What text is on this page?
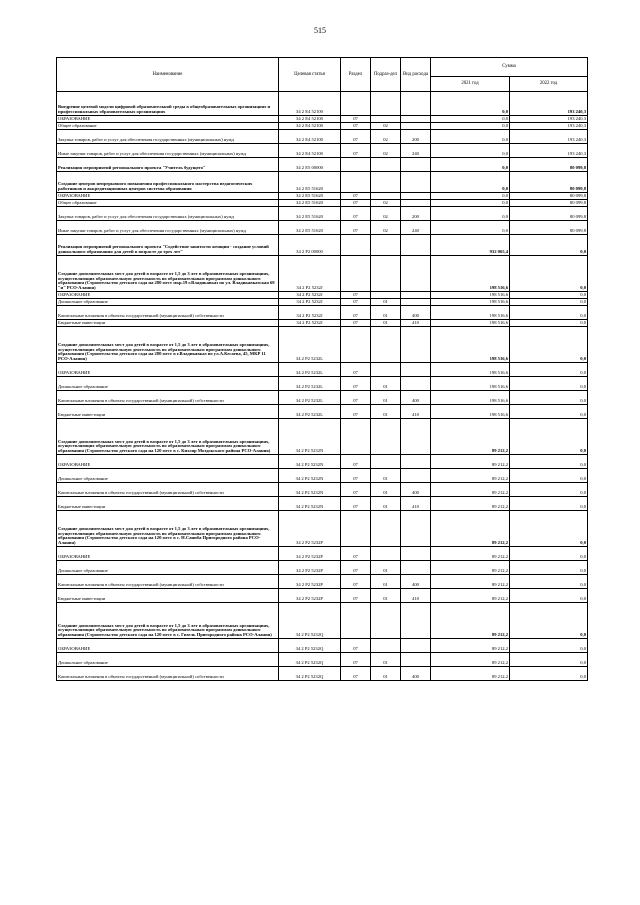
515
Наименование	Целевая статья	Раздел	Подраз-дел	Вид расхода	Сумма	
					2021 год	2022 год
Внедрение целевой модели цифровой образовательной среды в общеобразовательных организациях и профессиональных образовательных организациях	34 2 E4 52100				0,0	193 240,3
ОБРАЗОВАНИЕ	34 2 E4 52100	07			0,0	193 240,3
Общее образование	34 2 E4 52100	07	02		0,0	193 240,3
Закупка товаров, работ и услуг для обеспечения государственных (муниципальных) нужд	34 2 E4 52100	07	02	200	0,0	193 240,3
Иные закупки товаров, работ и услуг для обеспечения государственных (муниципальных) нужд	34 2 E4 52100	07	02	240	0,0	193 240,3
Реализация мероприятий регионального проекта "Учитель будущего"	34 2 E5 00000				0,0	80 099,8
Создание центров непрерывного повышения профессионального мастерства педагогических работников и аккредитационных центров системы образования	34 2 E5 51620				0,0	80 099,8
ОБРАЗОВАНИЕ	34 2 E5 51620	07			0,0	80 099,8
Общее образование	34 2 E5 51620	07	02		0,0	80 099,8
Закупка товаров, работ и услуг для обеспечения государственных (муниципальных) нужд	34 2 E5 51620	07	02	200	0,0	80 099,8
Иные закупки товаров, работ и услуг для обеспечения государственных (муниципальных) нужд	34 2 E5 51620	07	02	240	0,0	80 099,8
Реализация мероприятий регионального проекта "Содействие занятости женщин - создание условий дошкольного образования для детей в возрасте до трех лет"	34 2 P2 00000				932 065,4	0,0
Создание дополнительных мест для детей в возрасте от 1,5 до 3 лет в образовательных организациях, осуществляющих образовательную деятельность по образовательным программам дошкольного образования (Строительство детского сада на 280 мест мкр.19 г.Владикавказ по ул. Владикавказская 69 "и" РСО-Алания)	34 2 P2 5232J				198 516,6	0,0
ОБРАЗОВАНИЕ	34 2 P2 5232J	07			198 516,6	0,0
Дошкольное образование	34 2 P2 5232J	07	01		198 516,6	0,0
Капитальные вложения в объекты государственной (муниципальной) собственности	34 2 P2 5232J	07	01	400	198 516,6	0,0
Бюджетные инвестиции	34 2 P2 5232J	07	01	410	198 516,6	0,0
Создание дополнительных мест для детей в возрасте от 1,5 до 3 лет в образовательных организациях, осуществляющих образовательную деятельность по образовательным программам дошкольного образования (Строительство детского сада на 280 мест в г.Владикавказ по ул.А.Кесаева, 45, МКР 11 РСО-Алания)	34 2 P2 5232L				198 516,6	0,0
ОБРАЗОВАНИЕ	34 2 P2 5232L	07			198 516,6	0,0
Дошкольное образование	34 2 P2 5232L	07	01		198 516,6	0,0
Капитальные вложения в объекты государственной (муниципальной) собственности	34 2 P2 5232L	07	01	400	198 516,6	0,0
Бюджетные инвестиции	34 2 P2 5232L	07	01	410	198 516,6	0,0
Создание дополнительных мест для детей в возрасте от 1,5 до 3 лет в образовательных организациях, осуществляющих образовательную деятельность по образовательным программам дошкольного образования (Строительство детского сада на 120 мест в с. Кизляр Моздокского района РСО-Алания)	34 2 P2 5232N				89 212,2	0,0
ОБРАЗОВАНИЕ	34 2 P2 5232N	07			89 212,2	0,0
Дошкольное образование	34 2 P2 5232N	07	01		89 212,2	0,0
Капитальные вложения в объекты государственной (муниципальной) собственности	34 2 P2 5232N	07	01	400	89 212,2	0,0
Бюджетные инвестиции	34 2 P2 5232N	07	01	410	89 212,2	0,0
Создание дополнительных мест для детей в возрасте от 1,5 до 3 лет в образовательных организациях, осуществляющих образовательную деятельность по образовательным программам дошкольного образования (Строительство детского сада на 120 мест в с. Н.Саниба Пригородного района РСО-Алания)	34 2 P2 5232P				89 212,2	0,0
ОБРАЗОВАНИЕ	34 2 P2 5232P	07			89 212,2	0,0
Дошкольное образование	34 2 P2 5232P	07	01		89 212,2	0,0
Капитальные вложения в объекты государственной (муниципальной) собственности	34 2 P2 5232P	07	01	400	89 212,2	0,0
Бюджетные инвестиции	34 2 P2 5232P	07	01	410	89 212,2	0,0
Создание дополнительных мест для детей в возрасте от 1,5 до 3 лет в образовательных организациях, осуществляющих образовательную деятельность по образовательным программам дошкольного образования (Строительство детского сада на 120 мест в с. Гизель Пригородного района РСО-Алания)	34 2 P2 5232Q				89 212,2	0,0
ОБРАЗОВАНИЕ	34 2 P2 5232Q	07			89 212,2	0,0
Дошкольное образование	34 2 P2 5232Q	07	01		89 212,2	0,0
Капитальные вложения в объекты государственной (муниципальной) собственности	34 2 P2 5232Q	07	01	400	89 212,2	0,0
